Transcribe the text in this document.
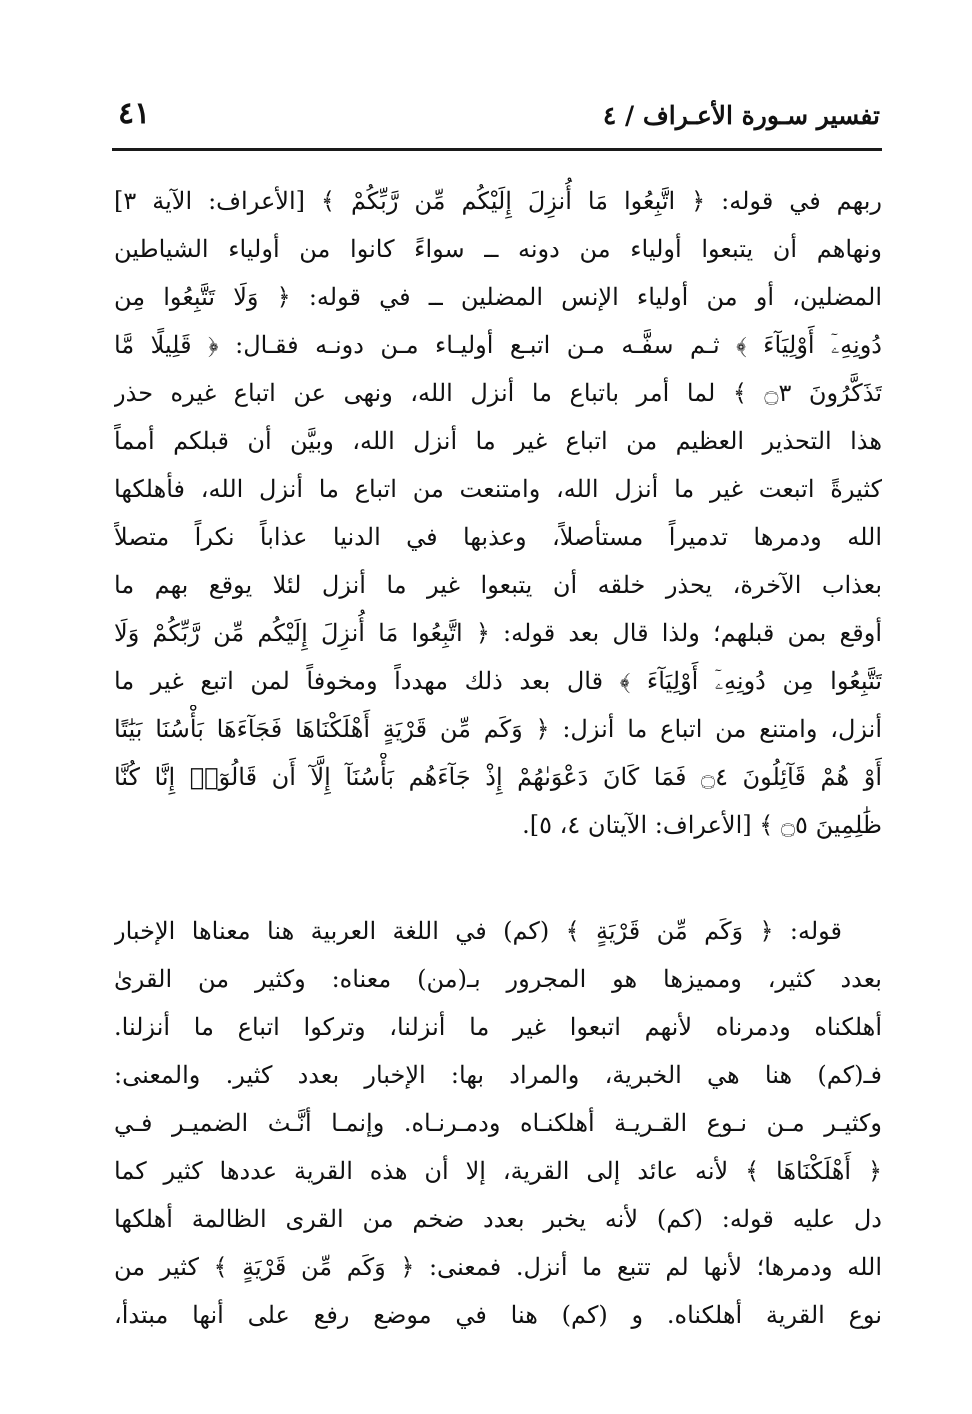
٤١	تفسير سـورة الأعـراف / ٤
ربهم في قوله: ﴿ اتَّبِعُوا مَا أُنزِلَ إِلَيْكُم مِّن رَّبِّكُمْ ﴾ [الأعراف: الآية ٣]
ونهاهم أن يتبعوا أولياء من دونه ــ سواءً كانوا من أولياء الشياطين
المضلين، أو من أولياء الإنس المضلين ــ في قوله: ﴿ وَلَا تَتَّبِعُوا مِن
دُونِهِۦٓ أَوْلِيَآءَ ﴾ ثـم سفَّـه مـن اتبـع أوليـاء مـن دونـه فقـال: ﴿ قَلِيلًا مَّا
تَذَكَّرُونَ ۝٣ ﴾ لما أمر باتباع ما أنزل الله، ونهى عن اتباع غيره حذر
هذا التحذير العظيم من اتباع غير ما أنزل الله، وبيَّن أن قبلكم أمماً
كثيرةً اتبعت غير ما أنزل الله، وامتنعت من اتباع ما أنزل الله، فأهلكها
الله ودمرها تدميراً مستأصلاً، وعذبها في الدنيا عذاباً نكراً متصلاً
بعذاب الآخرة، يحذر خلقه أن يتبعوا غير ما أنزل لئلا يوقع بهم ما
أوقع بمن قبلهم؛ ولذا قال بعد قوله: ﴿ اتَّبِعُوا مَا أُنزِلَ إِلَيْكُم مِّن رَّبِّكُمْ وَلَا
تَتَّبِعُوا مِن دُونِهِۦٓ أَوْلِيَآءَ ﴾ قال بعد ذلك مهدداً ومخوفاً لمن اتبع غير ما
أنزل، وامتنع من اتباع ما أنزل: ﴿ وَكَم مِّن قَرْيَةٍ أَهْلَكْنَاهَا فَجَآءَهَا بَأْسُنَا بَيَٰتًا
أَوْ هُمْ قَآئِلُونَ ۝٤ فَمَا كَانَ دَعْوَىٰهُمْ إِذْ جَآءَهُم بَأْسُنَآ إِلَّآ أَن قَالُوٓا۟ إِنَّا كُنَّا
ظَٰلِمِينَ ۝٥ ﴾ [الأعراف: الآيتان ٤، ٥].
قوله: ﴿ وَكَم مِّن قَرْيَةٍ ﴾ (كم) في اللغة العربية هنا معناها الإخبار
بعدد كثير، ومميزها هو المجرور بـ(من) معناه: وكثير من القرىٰ
أهلكناه ودمرناه لأنهم اتبعوا غير ما أنزلنا، وتركوا اتباع ما أنزلنا.
فـ(كم) هنا هي الخبرية، والمراد بها: الإخبار بعدد كثير. والمعنى:
وكثيـر مـن نـوع القـريـة أهلكنـاه ودمـرنـاه. وإنمـا أنَّـث الضميـر فـي
﴿ أَهْلَكْنَاهَا ﴾ لأنه عائد إلى القرية، إلا أن هذه القرية عددها كثير كما
دل عليه قوله: (كم) لأنه يخبر بعدد ضخم من القرى الظالمة أهلكها
الله ودمرها؛ لأنها لم تتبع ما أنزل. فمعنى: ﴿ وَكَم مِّن قَرْيَةٍ ﴾ كثير من
نوع القرية أهلكناه. و (كم) هنا في موضع رفع على أنها مبتدأ،
